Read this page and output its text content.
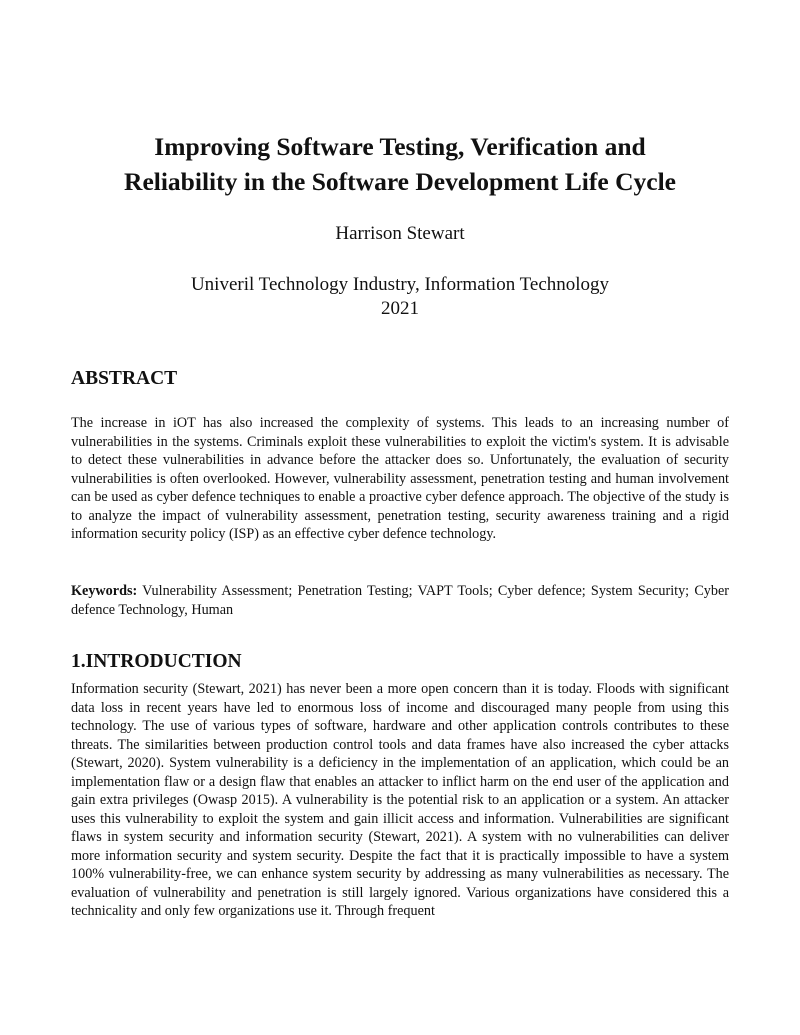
Improving Software Testing, Verification and
Reliability in the Software Development Life Cycle
Harrison Stewart
Univeril Technology Industry, Information Technology
2021
ABSTRACT

The increase in iOT has also increased the complexity of systems. This leads to an increasing number of vulnerabilities in the systems. Criminals exploit these vulnerabilities to exploit the victim's system. It is advisable to detect these vulnerabilities in advance before the attacker does so. Unfortunately, the evaluation of security vulnerabilities is often overlooked. However, vulnerability assessment, penetration testing and human involvement can be used as cyber defence techniques to enable a proactive cyber defence approach. The objective of the study is to analyze the impact of vulnerability assessment, penetration testing, security awareness training and a rigid information security policy (ISP) as an effective cyber defence technology.

Keywords: Vulnerability Assessment; Penetration Testing; VAPT Tools; Cyber defence; System Security; Cyber defence Technology, Human

1.INTRODUCTION

Information security (Stewart, 2021) has never been a more open concern than it is today. Floods with significant data loss in recent years have led to enormous loss of income and discouraged many people from using this technology. The use of various types of software, hardware and other application controls contributes to these threats. The similarities between production control tools and data frames have also increased the cyber attacks (Stewart, 2020). System vulnerability is a deficiency in the implementation of an application, which could be an implementation flaw or a design flaw that enables an attacker to inflict harm on the end user of the application and gain extra privileges (Owasp 2015). A vulnerability is the potential risk to an application or a system. An attacker uses this vulnerability to exploit the system and gain illicit access and information. Vulnerabilities are significant flaws in system security and information security (Stewart, 2021). A system with no vulnerabilities can deliver more information security and system security. Despite the fact that it is practically impossible to have a system 100% vulnerability-free, we can enhance system security by addressing as many vulnerabilities as necessary. The evaluation of vulnerability and penetration is still largely ignored. Various organizations have considered this a technicality and only few organizations use it. Through frequent
